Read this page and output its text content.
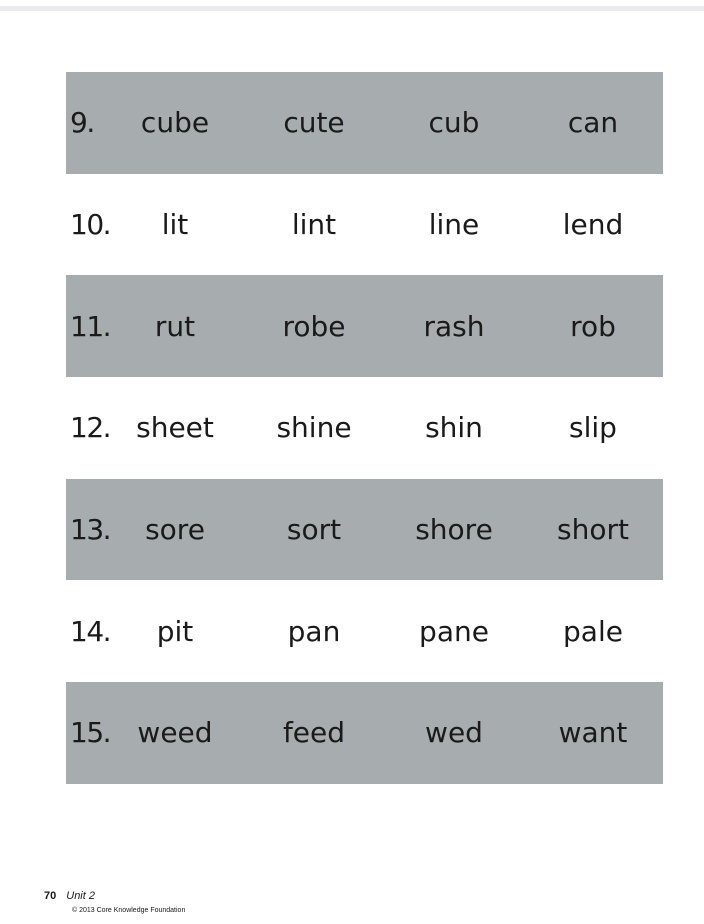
9.	cube	cute	cub	can
10.	lit	lint	line	lend
11.	rut	robe	rash	rob
12. sheet	shine	shin	slip
13.	sore	sort	shore	short
14.	pit	pan	pane	pale
15. weed	feed	wed	want
70 Unit 2
© 2013 Core Knowledge Foundation
